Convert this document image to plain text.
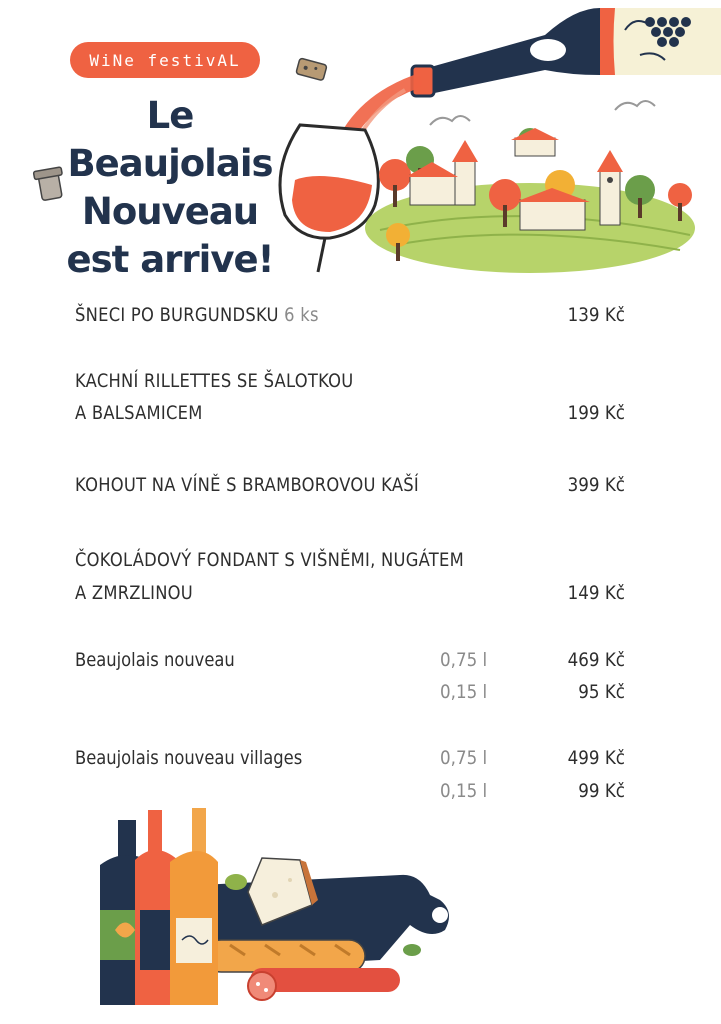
WiNe festivAL
Le Beaujolais
Nouveau
est arrive!
ŠNECI PO BURGUNDSKU 6 ks	139 Kč
KACHNÍ RILLETTES SE ŠALOTKOU
A BALSAMICEM	199 Kč
KOHOUT NA VÍNĚ S BRAMBOROVOU KAŠÍ	399 Kč
ČOKOLÁDOVÝ FONDANT S VIŠNĚMI, NUGÁTEM
A ZMRZLINOU	149 Kč
Beaujolais nouveau	0,75 l	469 Kč
0,15 l	95 Kč
Beaujolais nouveau villages	0,75 l	499 Kč
0,15 l	99 Kč
